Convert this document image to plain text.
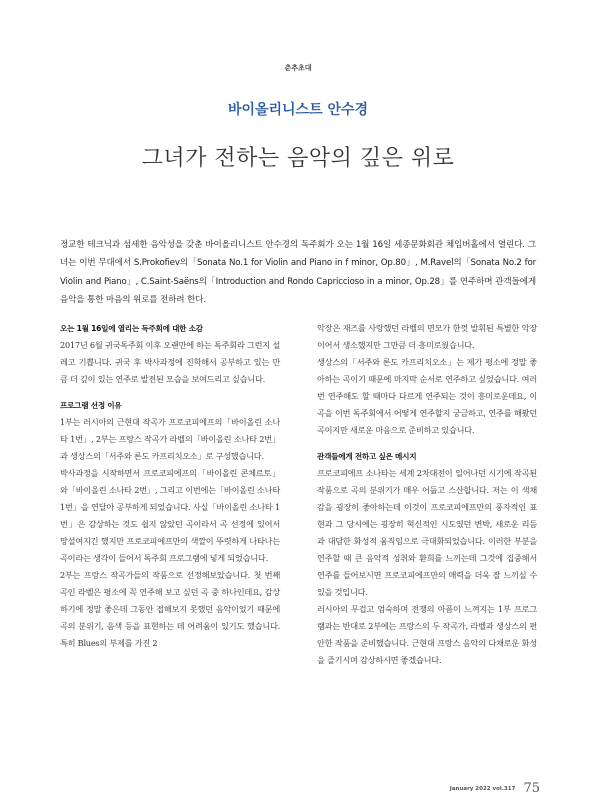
춘추초대
바이올리니스트 안수경
그녀가 전하는 음악의 깊은 위로
정교한 테크닉과 섬세한 음악성을 갖춘 바이올리니스트 안수경의 독주회가 오는 1월 16일 세종문화회관 체임버홀에서 열린다. 그녀는 이번 무대에서 S.Prokofiev의「Sonata No.1 for Violin and Piano in f minor, Op.80」, M.Ravel의「Sonata No.2 for Violin and Piano」, C.Saint-Saëns의「Introduction and Rondo Capriccioso in a minor, Op.28」를 연주하며 관객들에게 음악을 통한 마음의 위로를 전하려 한다.
오는 1월 16일에 열리는 독주회에 대한 소감

2017년 6월 귀국독주회 이후 오랜만에 하는 독주회라 그런지 설레고 기쁩니다. 귀국 후 박사과정에 진학해서 공부하고 있는 만큼 더 깊이 있는 연주로 발전된 모습을 보여드리고 싶습니다.

프로그램 선정 이유

1부는 러시아의 근현대 작곡가 프로코피에프의「바이올린 소나타 1번」, 2부는 프랑스 작곡가 라벨의「바이올린 소나타 2번」과 생상스의「서주와 론도 카프리치오소」로 구성했습니다.

박사과정을 시작하면서 프로코피에프의「바이올린 콘체르토」와「바이올린 소나타 2번」, 그리고 이번에는「바이올린 소나타 1번」을 연달아 공부하게 되었습니다. 사실「바이올린 소나타 1번」은 감상하는 것도 쉽지 않았던 곡이라서 곡 선정에 있어서 망설여지긴 했지만 프로코피에프만의 색깔이 뚜렷하게 나타나는 곡이라는 생각이 들어서 독주회 프로그램에 넣게 되었습니다.

2부는 프랑스 작곡가들의 작품으로 선정해보았습니다. 첫 번째 곡인 라벨은 평소에 꼭 연주해 보고 싶던 곡 중 하나인데요, 감상하기에 정말 좋은데 그동안 접해보지 못했던 음악이었기 때문에 곡의 분위기, 음색 등을 표현하는 데 어려움이 있기도 했습니다. 특히 Blues의 부제를 가진 2

악장은 재즈를 사랑했던 라벨의 면모가 한껏 발휘된 특별한 악장이어서 생소했지만 그만큼 더 흥미로웠습니다.

생상스의「서주와 론도 카프리치오소」는 제가 평소에 정말 좋아하는 곡이기 때문에 마지막 순서로 연주하고 싶었습니다. 여러 번 연주해도 할 때마다 다르게 연주되는 것이 흥미로운데요, 이 곡을 이번 독주회에서 어떻게 연주할지 궁금하고, 연주를 해봤던 곡이지만 새로운 마음으로 준비하고 있습니다.

관객들에게 전하고 싶은 메시지

프로코피에프 소나타는 세계 2차대전이 일어나던 시기에 작곡된 작품으로 곡의 분위기가 매우 어둡고 스산합니다. 저는 이 색채감을 굉장히 좋아하는데 이것이 프로코피에프만의 풍자적인 표현과 그 당시에는 굉장히 혁신적인 시도였던 변박, 새로운 리듬과 대담한 화성적 움직임으로 극대화되었습니다. 이러한 부분을 연주할 때 큰 음악적 성취와 환희를 느끼는데 그것에 집중해서 연주를 들어보시면 프로코피에프만의 매력을 더욱 잘 느끼실 수 있을 것입니다.

러시아의 무겁고 엄숙하며 전쟁의 아픔이 느껴지는 1부 프로그램과는 반대로 2부에는 프랑스의 두 작곡가, 라벨과 생상스의 편안한 작품을 준비했습니다. 근현대 프랑스 음악의 다채로운 화성을 즐기시며 감상하시면 좋겠습니다.

January 2022 vol.317 75
